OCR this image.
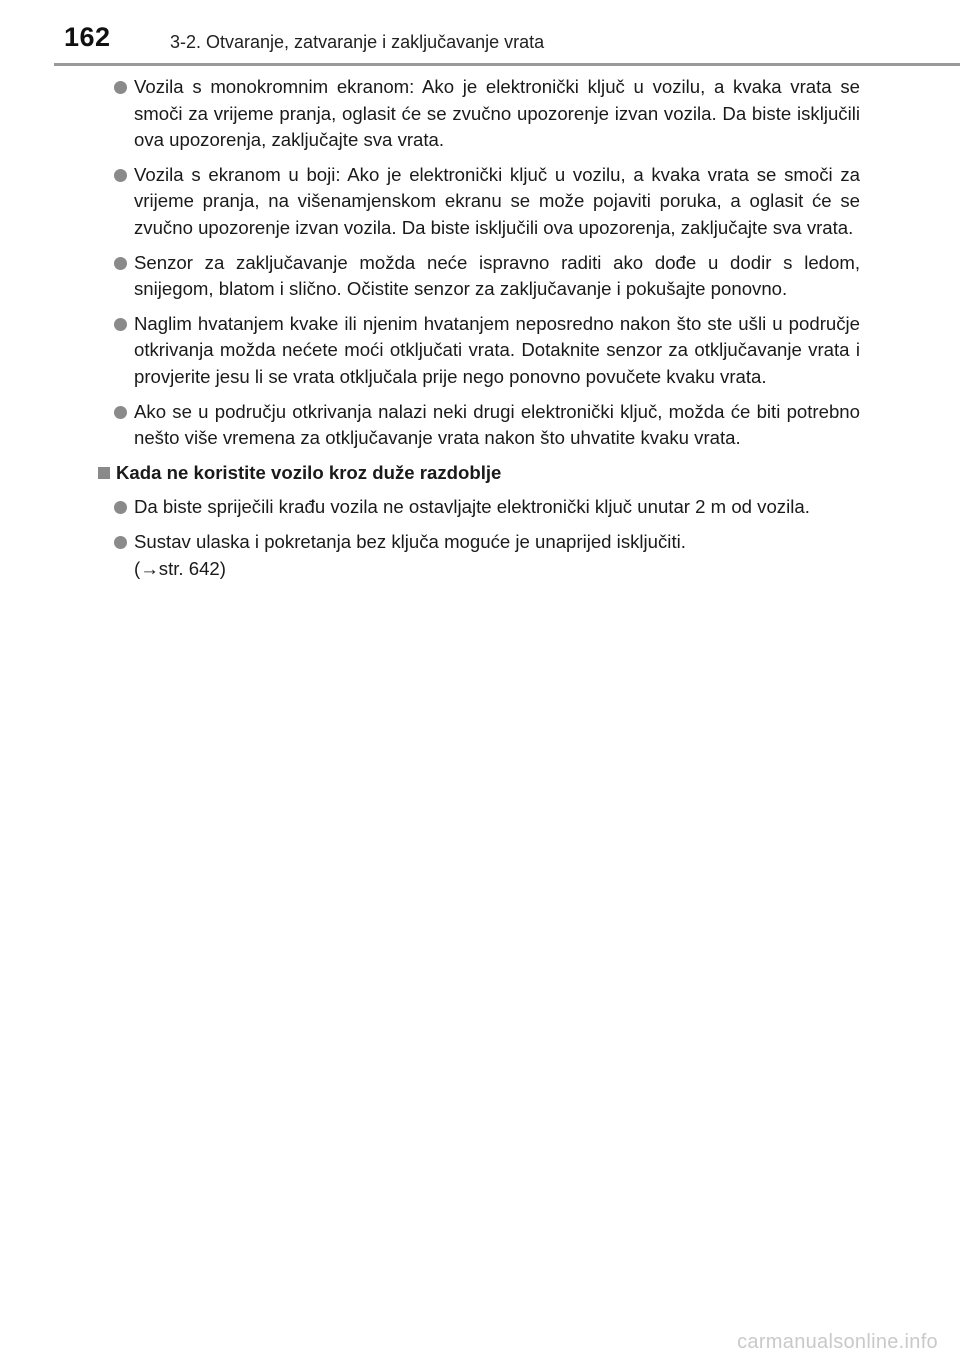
162	3-2. Otvaranje, zatvaranje i zaključavanje vrata
Vozila s monokromnim ekranom: Ako je elektronički ključ u vozilu, a kvaka vrata se smoči za vrijeme pranja, oglasit će se zvučno upozorenje izvan vozila. Da biste isključili ova upozorenja, zaključajte sva vrata.
Vozila s ekranom u boji: Ako je elektronički ključ u vozilu, a kvaka vrata se smoči za vrijeme pranja, na višenamjenskom ekranu se može pojaviti poruka, a oglasit će se zvučno upozorenje izvan vozila. Da biste isključili ova upozorenja, zaključajte sva vrata.
Senzor za zaključavanje možda neće ispravno raditi ako dođe u dodir s ledom, snijegom, blatom i slično. Očistite senzor za zaključavanje i pokušajte ponovno.
Naglim hvatanjem kvake ili njenim hvatanjem neposredno nakon što ste ušli u područje otkrivanja možda nećete moći otključati vrata. Dotaknite senzor za otključavanje vrata i provjerite jesu li se vrata otključala prije nego ponovno povučete kvaku vrata.
Ako se u području otkrivanja nalazi neki drugi elektronički ključ, možda će biti potrebno nešto više vremena za otključavanje vrata nakon što uhvatite kvaku vrata.
Kada ne koristite vozilo kroz duže razdoblje
Da biste spriječili krađu vozila ne ostavljajte elektronički ključ unutar 2 m od vozila.
Sustav ulaska i pokretanja bez ključa moguće je unaprijed isključiti.
(→str. 642)
carmanualsonline.info
